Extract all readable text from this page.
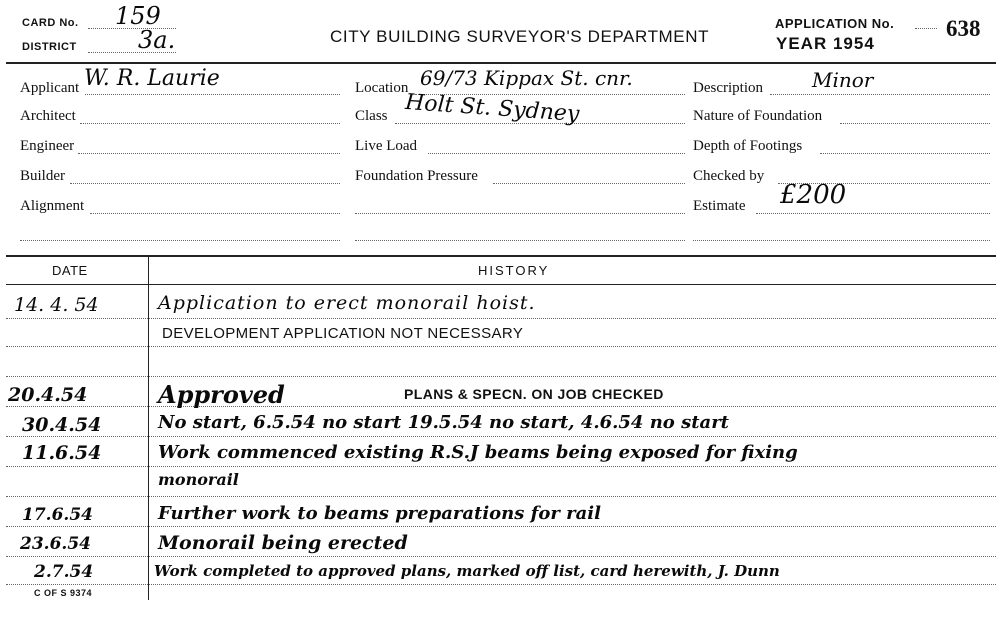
CARD No. 159
DISTRICT	3a.	CITY BUILDING SURVEYOR'S DEPARTMENT
APPLICATION No. 638
YEAR 1954
Applicant W. R. Laurie
Architect
Engineer
Builder
Alignment
Location 69/73 Kippax St. cnr.
Class Holt St. Sydney
Live Load
Foundation Pressure
Description Minor
Nature of Foundation
Depth of Footings
Checked by
Estimate £200
DATE	HISTORY
14. 4. 54	Application to erect monorail hoist.
DEVELOPMENT APPLICATION NOT NECESSARY
20.4.54	Approved	PLANS & SPECN. ON JOB CHECKED
30.4.54	No start, 6.5.54 no start 19.5.54 no start, 4.6.54 no start
11.6.54	Work commenced existing R.S.J beams being exposed for fixing
monorail
17.6.54	Further work to beams preparations for rail
23.6.54	Monorail being erected
2.7.54	Work completed to approved plans, marked off list, card herewith, J. Dunn
C OF S 9374
